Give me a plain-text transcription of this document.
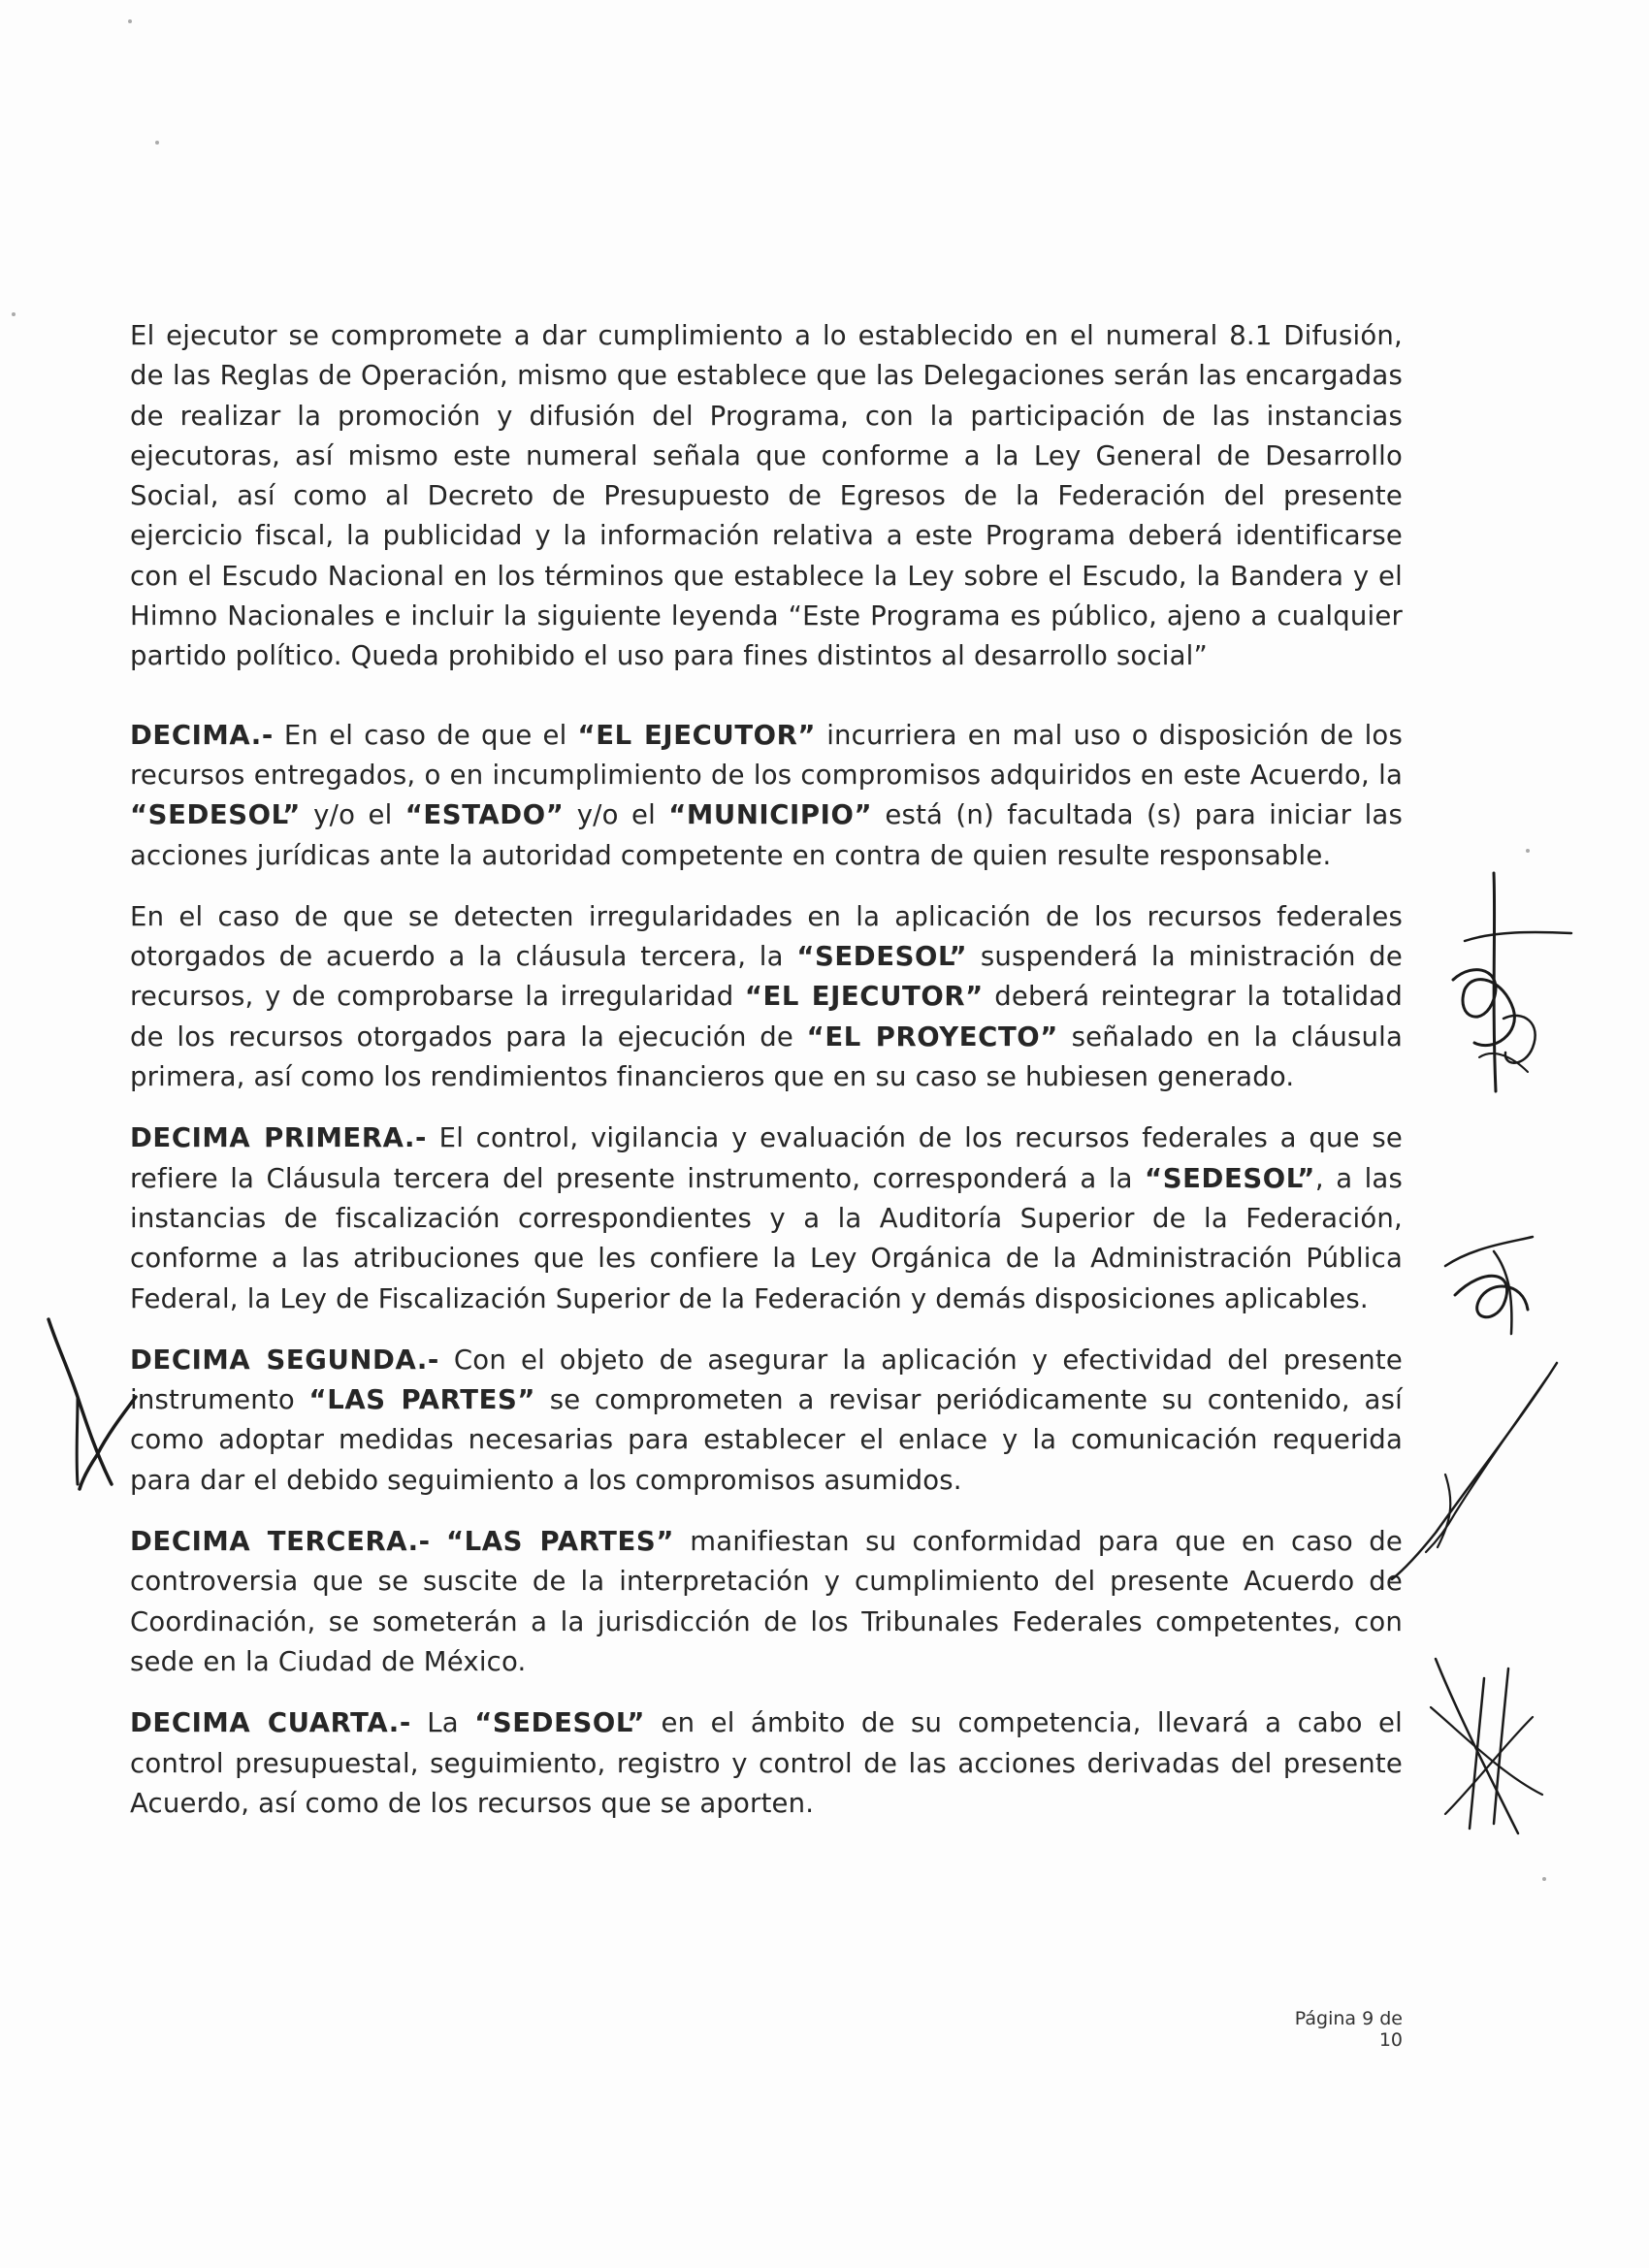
El ejecutor se compromete a dar cumplimiento a lo establecido en el numeral 8.1 Difusión, de las Reglas de Operación, mismo que establece que las Delegaciones serán las encargadas de realizar la promoción y difusión del Programa, con la participación de las instancias ejecutoras, así mismo este numeral señala que conforme a la Ley General de Desarrollo Social, así como al Decreto de Presupuesto de Egresos de la Federación del presente ejercicio fiscal, la publicidad y la información relativa a este Programa deberá identificarse con el Escudo Nacional en los términos que establece la Ley sobre el Escudo, la Bandera y el Himno Nacionales e incluir la siguiente leyenda “Este Programa es público, ajeno a cualquier partido político. Queda prohibido el uso para fines distintos al desarrollo social”

DECIMA.- En el caso de que el “EL EJECUTOR” incurriera en mal uso o disposición de los recursos entregados, o en incumplimiento de los compromisos adquiridos en este Acuerdo, la “SEDESOL” y/o el “ESTADO” y/o el “MUNICIPIO” está (n) facultada (s) para iniciar las acciones jurídicas ante la autoridad competente en contra de quien resulte responsable.

En el caso de que se detecten irregularidades en la aplicación de los recursos federales otorgados de acuerdo a la cláusula tercera, la “SEDESOL” suspenderá la ministración de recursos, y de comprobarse la irregularidad “EL EJECUTOR” deberá reintegrar la totalidad de los recursos otorgados para la ejecución de “EL PROYECTO” señalado en la cláusula primera, así como los rendimientos financieros que en su caso se hubiesen generado.

DECIMA PRIMERA.- El control, vigilancia y evaluación de los recursos federales a que se refiere la Cláusula tercera del presente instrumento, corresponderá a la “SEDESOL”, a las instancias de fiscalización correspondientes y a la Auditoría Superior de la Federación, conforme a las atribuciones que les confiere la Ley Orgánica de la Administración Pública Federal, la Ley de Fiscalización Superior de la Federación y demás disposiciones aplicables.

DECIMA SEGUNDA.- Con el objeto de asegurar la aplicación y efectividad del presente instrumento “LAS PARTES” se comprometen a revisar periódicamente su contenido, así como adoptar medidas necesarias para establecer el enlace y la comunicación requerida para dar el debido seguimiento a los compromisos asumidos.

DECIMA TERCERA.- “LAS PARTES” manifiestan su conformidad para que en caso de controversia que se suscite de la interpretación y cumplimiento del presente Acuerdo de Coordinación, se someterán a la jurisdicción de los Tribunales Federales competentes, con sede en la Ciudad de México.

DECIMA CUARTA.- La “SEDESOL” en el ámbito de su competencia, llevará a cabo el control presupuestal, seguimiento, registro y control de las acciones derivadas del presente Acuerdo, así como de los recursos que se aporten.

Página 9 de 10
